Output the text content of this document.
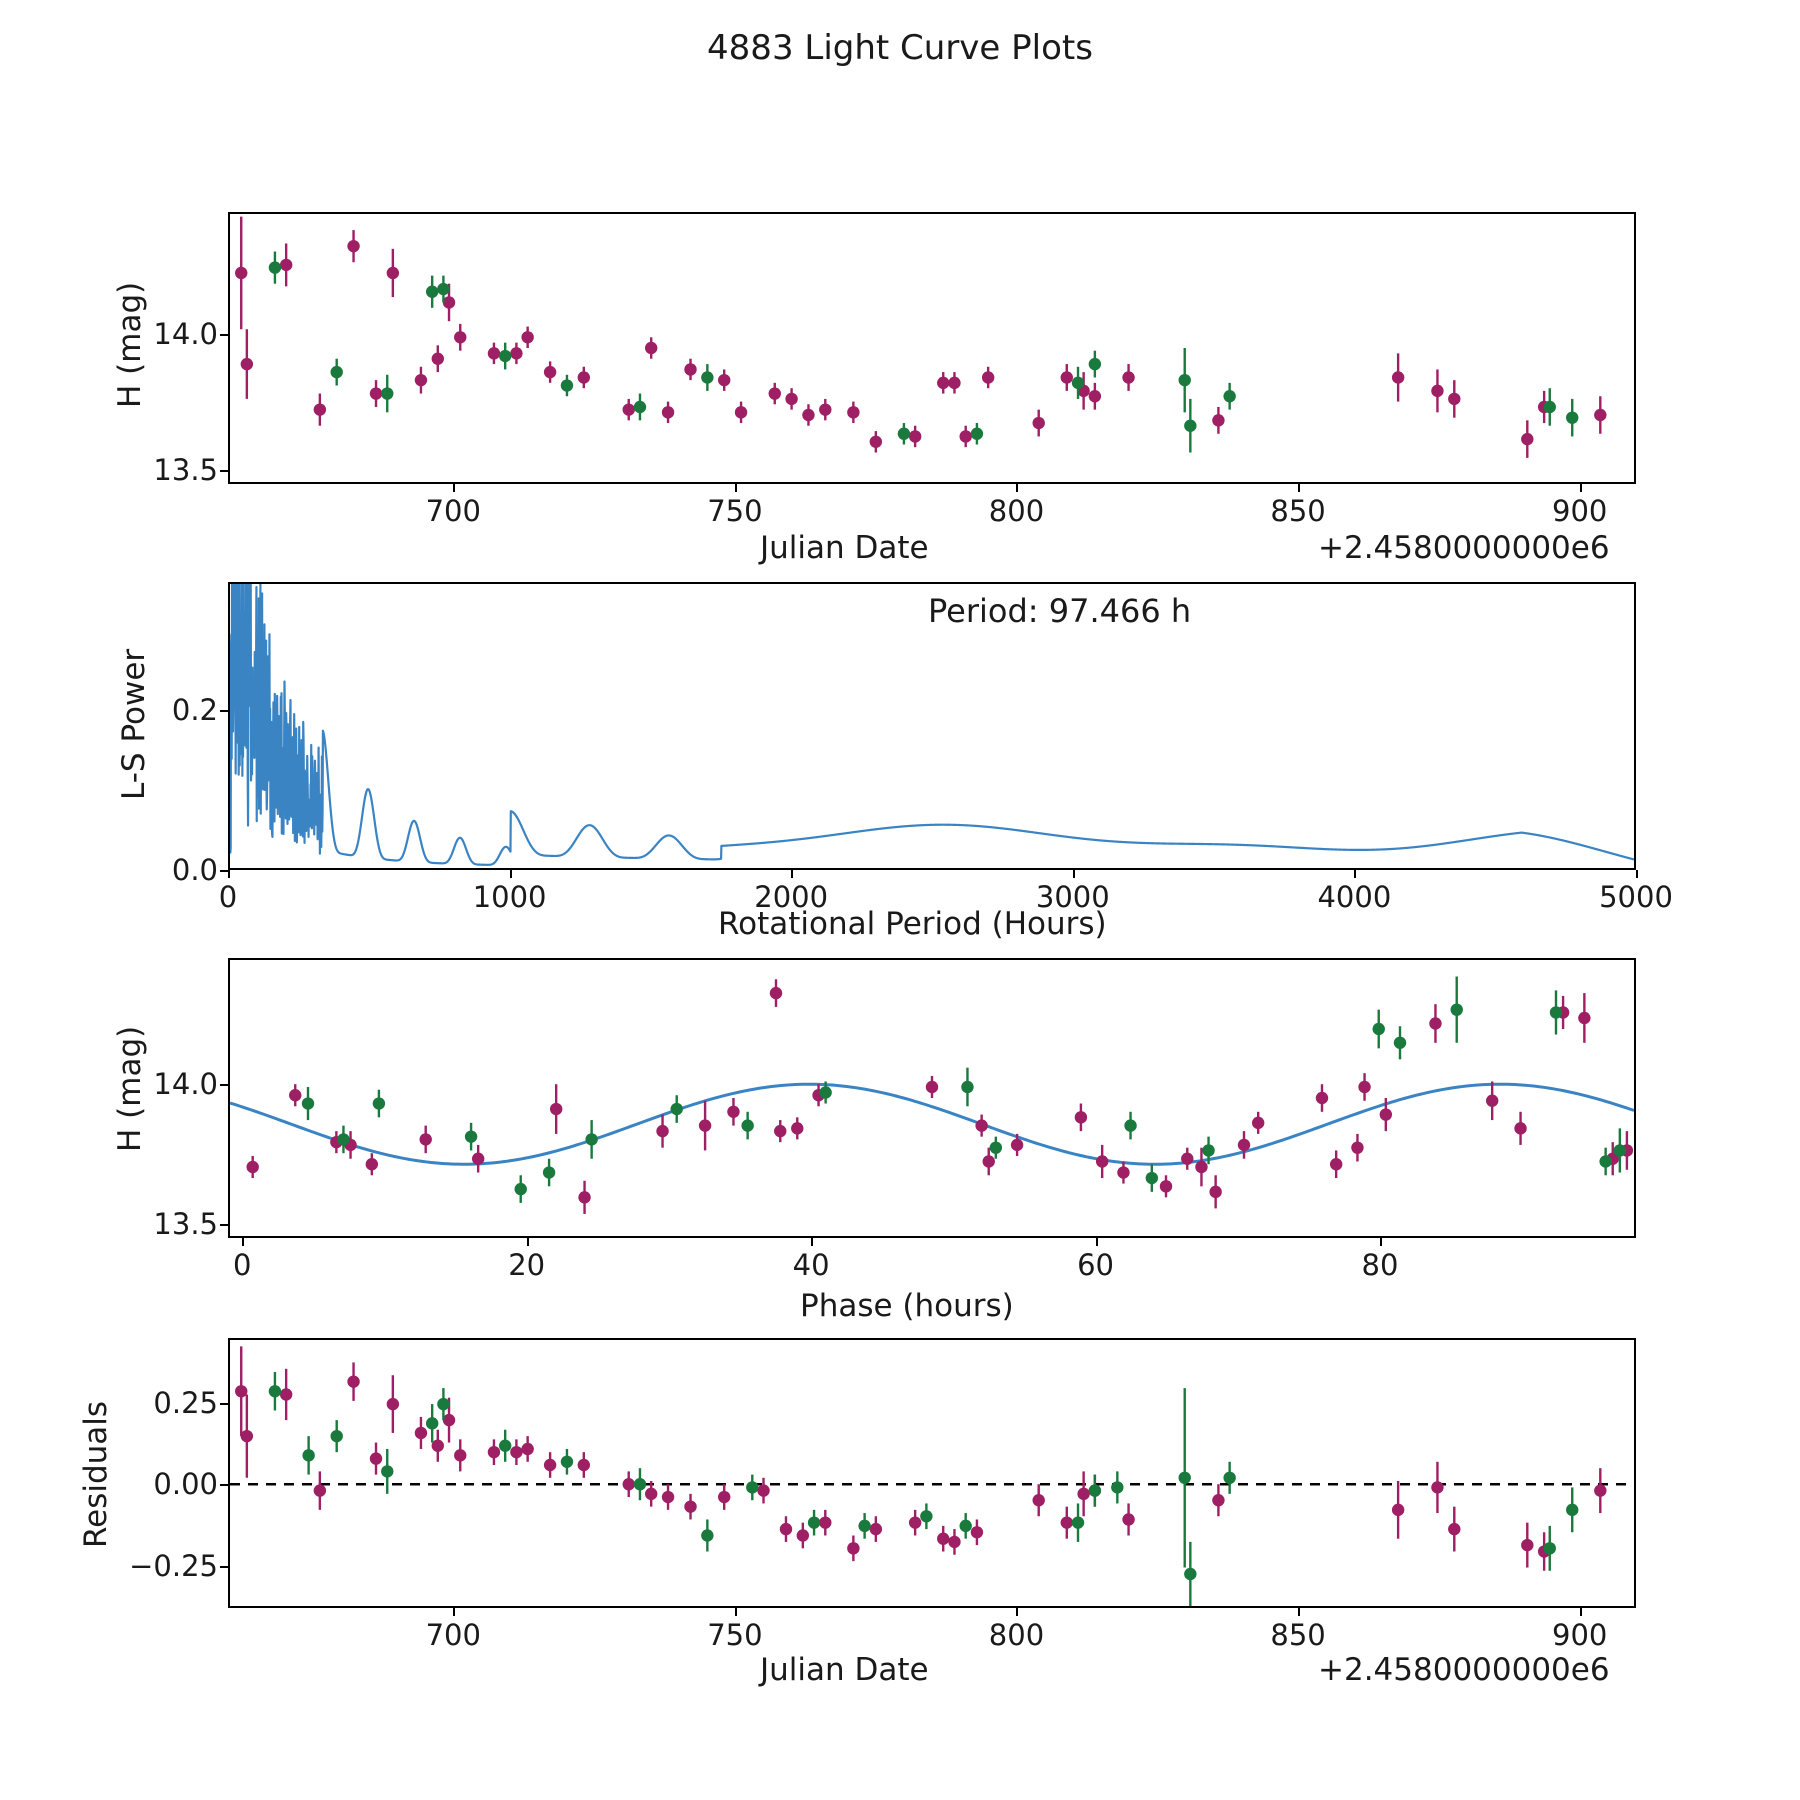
4883 Light Curve Plots
H (mag)
Julian Date	+2.4580000000e6
700	750	800	850	900
13.5
14.0
Period: 97.466 h
L-S Power
Rotational Period (Hours)
0	1000	2000	3000	4000	5000
0.0
0.2
H (mag)
Phase (hours)
0	20	40	60	80
13.5
14.0
Residuals
Julian Date	+2.4580000000e6
700	750	800	850	900
−0.25
0.00
0.25
